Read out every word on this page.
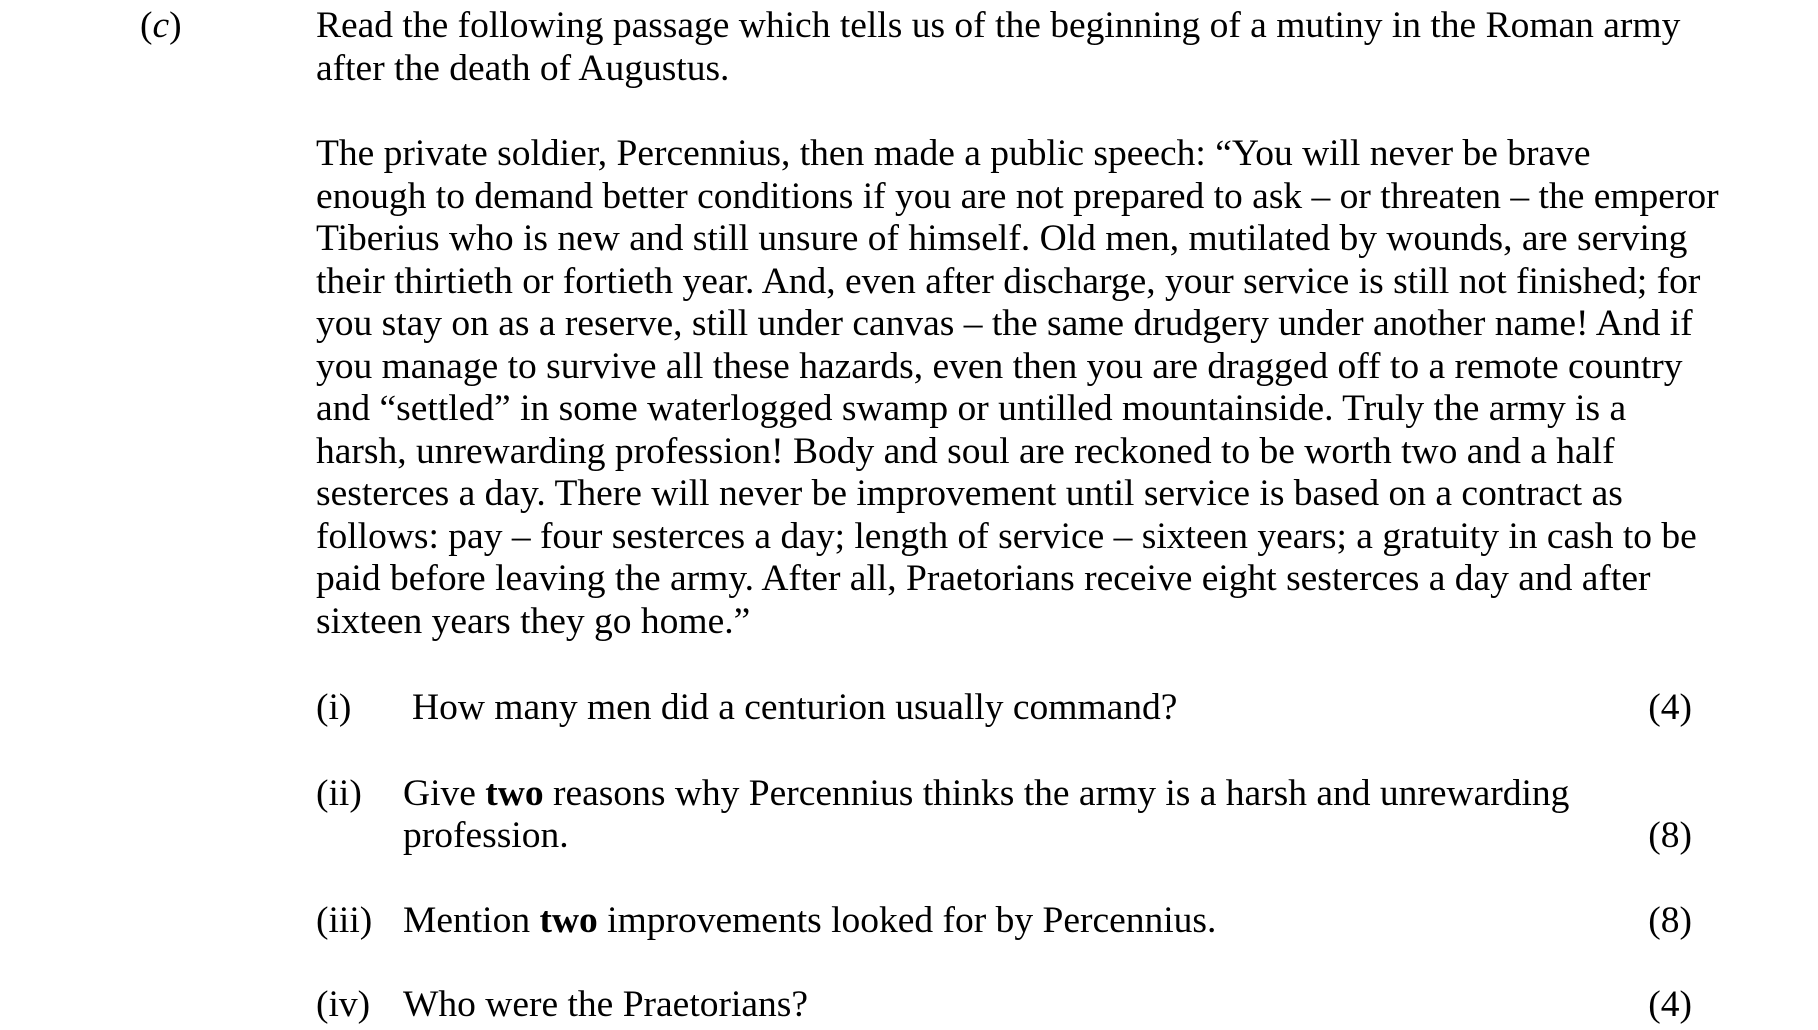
(c)	Read the following passage which tells us of the beginning of a mutiny in the Roman army
after the death of Augustus.
The private soldier, Percennius, then made a public speech: “You will never be brave
enough to demand better conditions if you are not prepared to ask – or threaten – the emperor
Tiberius who is new and still unsure of himself. Old men, mutilated by wounds, are serving
their thirtieth or fortieth year. And, even after discharge, your service is still not finished; for
you stay on as a reserve, still under canvas – the same drudgery under another name! And if
you manage to survive all these hazards, even then you are dragged off to a remote country
and “settled” in some waterlogged swamp or untilled mountainside. Truly the army is a
harsh, unrewarding profession! Body and soul are reckoned to be worth two and a half
sesterces a day. There will never be improvement until service is based on a contract as
follows: pay – four sesterces a day; length of service – sixteen years; a gratuity in cash to be
paid before leaving the army. After all, Praetorians receive eight sesterces a day and after
sixteen years they go home.”
(i) How many men did a centurion usually command?	(4)
(ii) Give two reasons why Percennius thinks the army is a harsh and unrewarding
profession.	(8)
(iii) Mention two improvements looked for by Percennius.	(8)
(iv) Who were the Praetorians?	(4)
